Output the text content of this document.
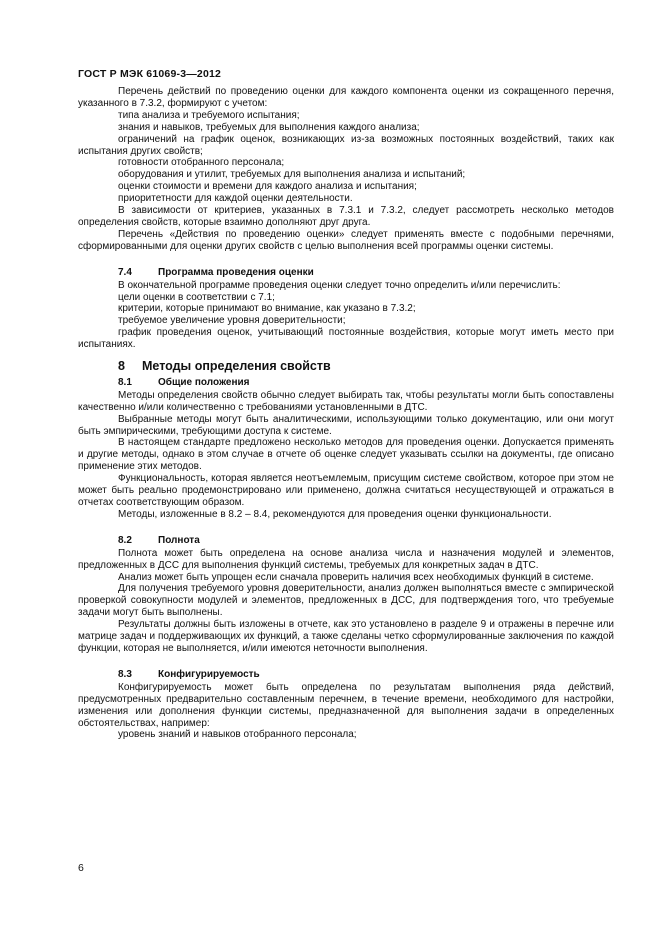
ГОСТ Р МЭК 61069-3—2012

Перечень действий по проведению оценки для каждого компонента оценки из сокращенного перечня, указанного в 7.3.2, формируют с учетом:

типа анализа и требуемого испытания;

знания и навыков, требуемых для выполнения каждого анализа;

ограничений на график оценок, возникающих из-за возможных постоянных воздействий, таких как испытания других свойств;

готовности отобранного персонала;

оборудования и утилит, требуемых для выполнения анализа и испытаний;

оценки стоимости и времени для каждого анализа и испытания;

приоритетности для каждой оценки деятельности.

В зависимости от критериев, указанных в 7.3.1 и 7.3.2, следует рассмотреть несколько методов определения свойств, которые взаимно дополняют друг друга.

Перечень «Действия по проведению оценки» следует применять вместе с подобными перечнями, сформированными для оценки других свойств с целью выполнения всей программы оценки системы.

7.4	Программа проведения оценки

В окончательной программе проведения оценки следует точно определить и/или перечислить:

цели оценки в соответствии с 7.1;

критерии, которые принимают во внимание, как указано в 7.3.2;

требуемое увеличение уровня доверительности;

график проведения оценок, учитывающий постоянные воздействия, которые могут иметь место при испытаниях.

8 Методы определения свойств
8.1	Общие положения

Методы определения свойств обычно следует выбирать так, чтобы результаты могли быть сопоставлены качественно и/или количественно с требованиями установленными в ДТС.

Выбранные методы могут быть аналитическими, использующими только документацию, или они могут быть эмпирическими, требующими доступа к системе.

В настоящем стандарте предложено несколько методов для проведения оценки. Допускается применять и другие методы, однако в этом случае в отчете об оценке следует указывать ссылки на документы, где описано применение этих методов.

Функциональность, которая является неотъемлемым, присущим системе свойством, которое при этом не может быть реально продемонстрировано или применено, должна считаться несуществующей и отражаться в отчетах соответствующим образом.

Методы, изложенные в 8.2 – 8.4, рекомендуются для проведения оценки функциональности.

8.2	Полнота

Полнота может быть определена на основе анализа числа и назначения модулей и элементов, предложенных в ДСС для выполнения функций системы, требуемых для конкретных задач в ДТС.

Анализ может быть упрощен если сначала проверить наличия всех необходимых функций в системе.

Для получения требуемого уровня доверительности, анализ должен выполняться вместе с эмпирической проверкой совокупности модулей и элементов, предложенных в ДСС, для подтверждения того, что требуемые задачи могут быть выполнены.

Результаты должны быть изложены в отчете, как это установлено в разделе 9 и отражены в перечне или матрице задач и поддерживающих их функций, а также сделаны четко сформулированные заключения по каждой функции, которая не выполняется, и/или имеются неточности выполнения.

8.3	Конфигурируемость

Конфигурируемость может быть определена по результатам выполнения ряда действий, предусмотренных предварительно составленным перечнем, в течение времени, необходимого для настройки, изменения или дополнения функции системы, предназначенной для выполнения задачи в определенных обстоятельствах, например:

уровень знаний и навыков отобранного персонала;

6
